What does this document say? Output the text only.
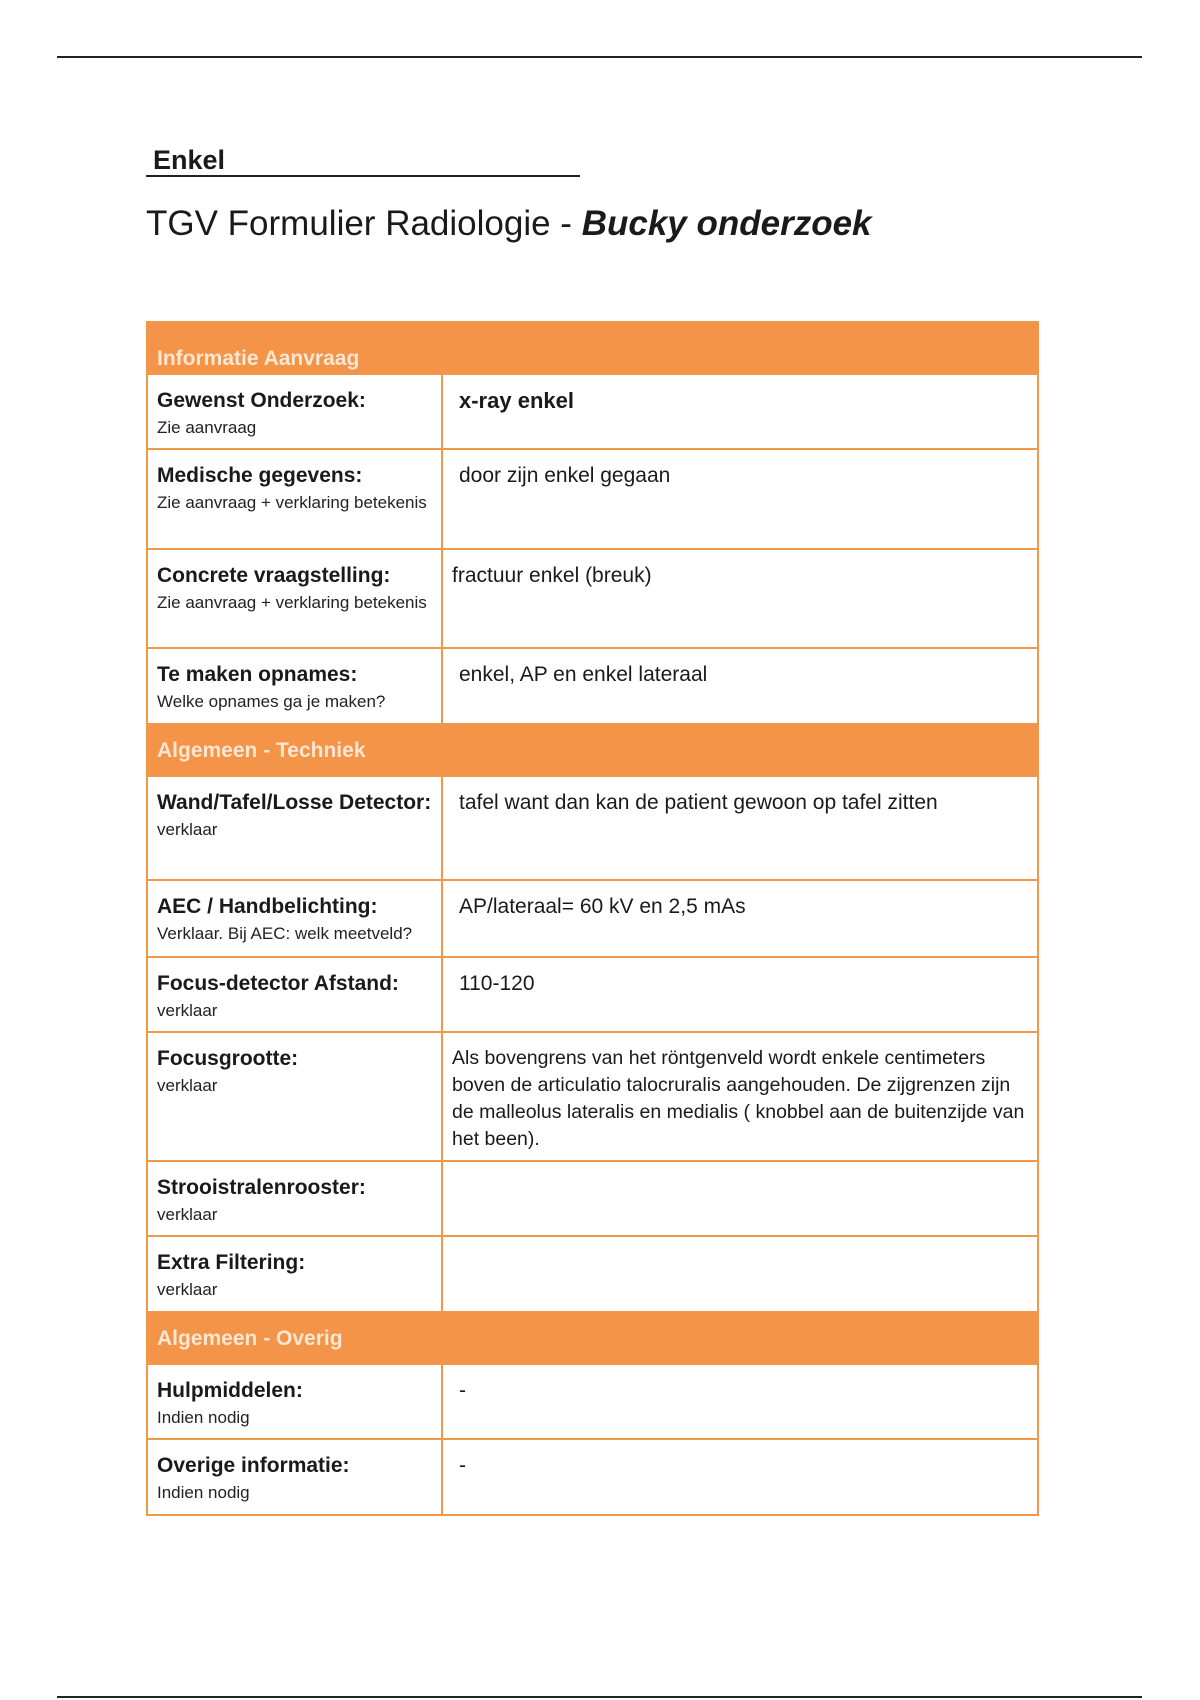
Enkel
TGV Formulier Radiologie - Bucky onderzoek
Informatie Aanvraag	

Gewenst Onderzoek:
Zie aanvraag	x-ray enkel

Medische gegevens:
Zie aanvraag + verklaring betekenis	door zijn enkel gegaan

Concrete vraagstelling:
Zie aanvraag + verklaring betekenis	fractuur enkel (breuk)

Te maken opnames:
Welke opnames ga je maken?	enkel, AP en enkel lateraal

Algemeen - Techniek	

Wand/Tafel/Losse Detector:
verklaar	tafel want dan kan de patient gewoon op tafel zitten

AEC / Handbelichting:
Verklaar. Bij AEC: welk meetveld?	AP/lateraal= 60 kV en 2,5 mAs

Focus-detector Afstand:
verklaar	110-120

Focusgrootte:
verklaar	Als bovengrens van het röntgenveld wordt enkele centimeters boven de articulatio talocruralis aangehouden. De zijgrenzen zijn de malleolus lateralis en medialis ( knobbel aan de buitenzijde van het been).

Strooistralenrooster:
verklaar	

Extra Filtering:
verklaar	

Algemeen - Overig	

Hulpmiddelen:
Indien nodig	-

Overige informatie:
Indien nodig	-
